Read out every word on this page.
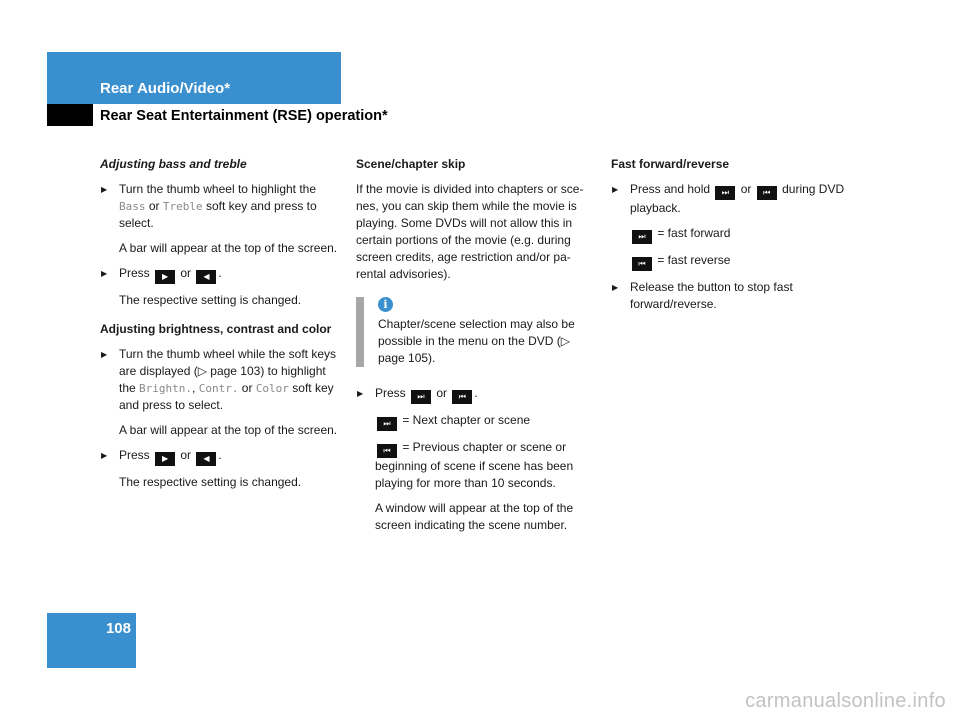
Rear Audio/Video*
Rear Seat Entertainment (RSE) operation*
Adjusting bass and treble
▶ Turn the thumb wheel to highlight the Bass or Treble soft key and press to select.
A bar will appear at the top of the screen.
▶ Press ▶ or ◀ .
The respective setting is changed.
Adjusting brightness, contrast and color
▶ Turn the thumb wheel while the soft keys are displayed (▷ page 103) to highlight the Brightn., Contr. or Color soft key and press to select.
A bar will appear at the top of the screen.
▶ Press ▶ or ◀ .
The respective setting is changed.
Scene/chapter skip

If the movie is divided into chapters or sce-nes, you can skip them while the movie is playing. Some DVDs will not allow this in certain portions of the movie (e.g. during screen credits, age restriction and/or pa-rental advisories).

i
Chapter/scene selection may also be possible in the menu on the DVD (▷ page 105).
▶ Press ⏭ or ⏮ .
⏭ = Next chapter or scene
⏮ = Previous chapter or scene or beginning of scene if scene has been playing for more than 10 seconds.
A window will appear at the top of the screen indicating the scene number.
Fast forward/reverse
▶ Press and hold ⏭ or ⏮ during DVD playback.
⏭ = fast forward
⏮ = fast reverse
▶ Release the button to stop fast forward/reverse.
108
carmanualsonline.info
